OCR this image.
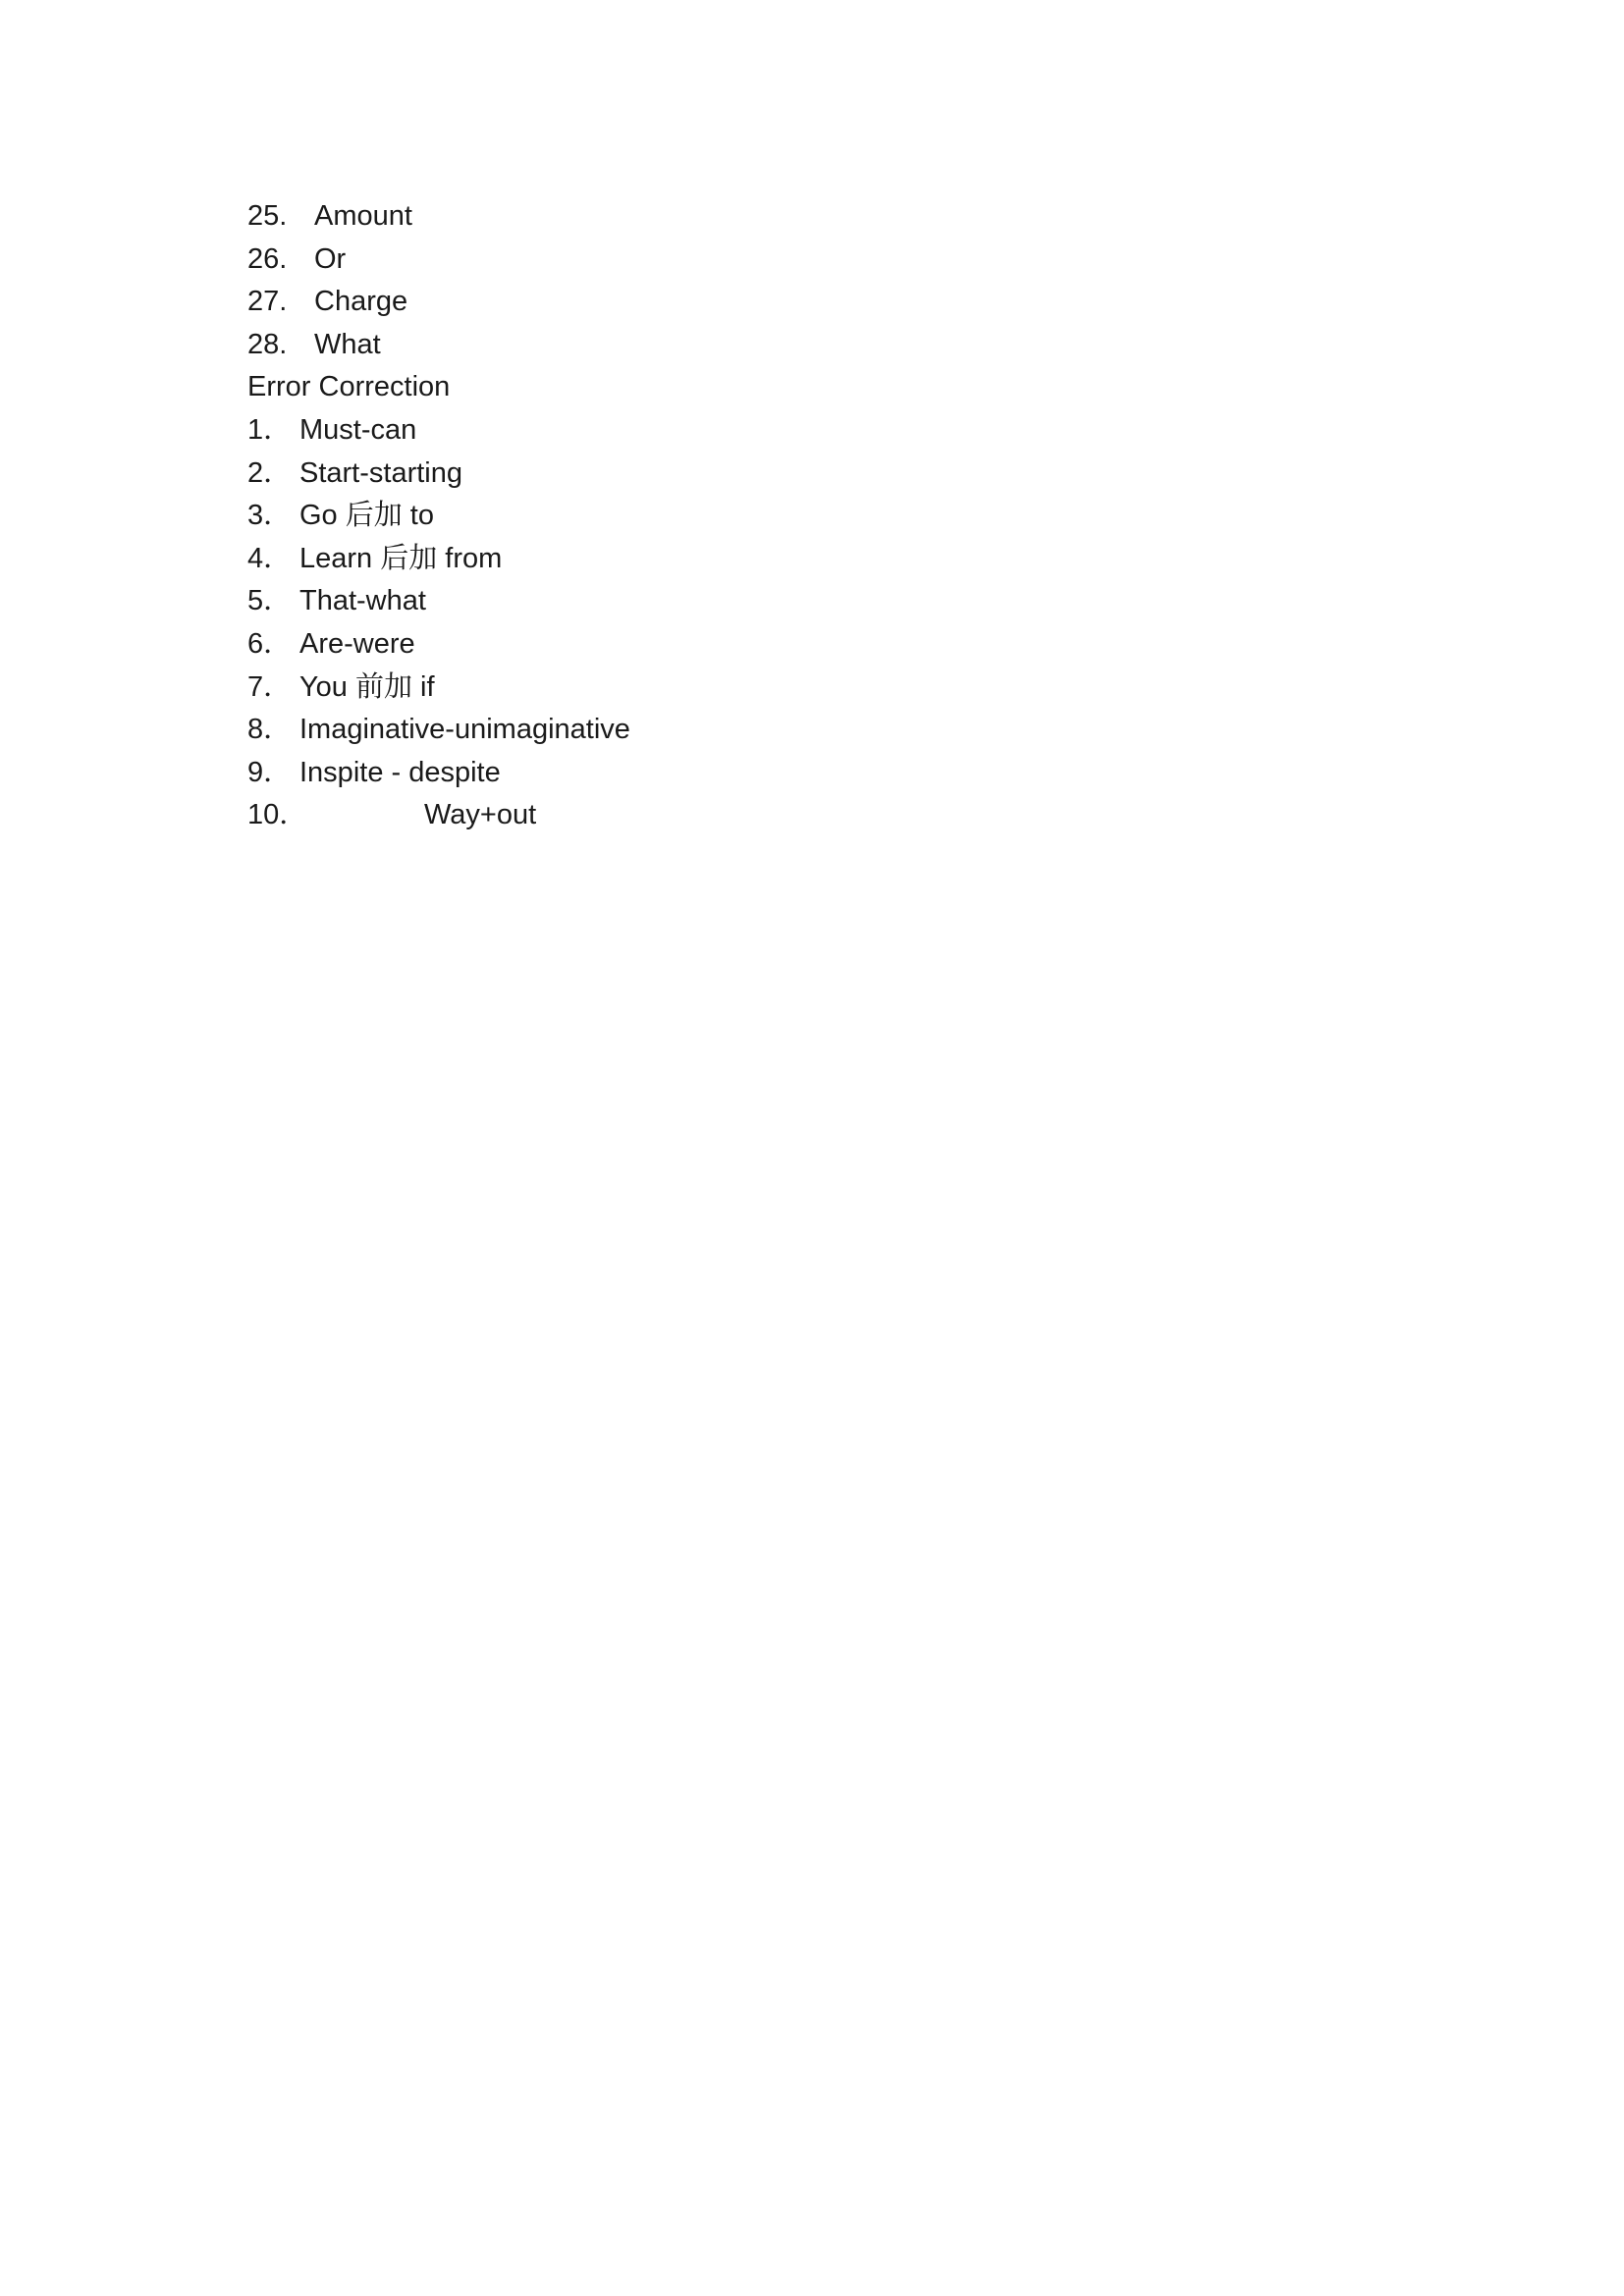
25. Amount
26. Or
27. Charge
28. What
Error Correction
1． Must-can
2． Start-starting
3． Go 后加 to
4． Learn 后加 from
5． That-what
6． Are-were
7． You 前加 if
8． Imaginative-unimaginative
9． Inspite - despite
10．	Way+out
